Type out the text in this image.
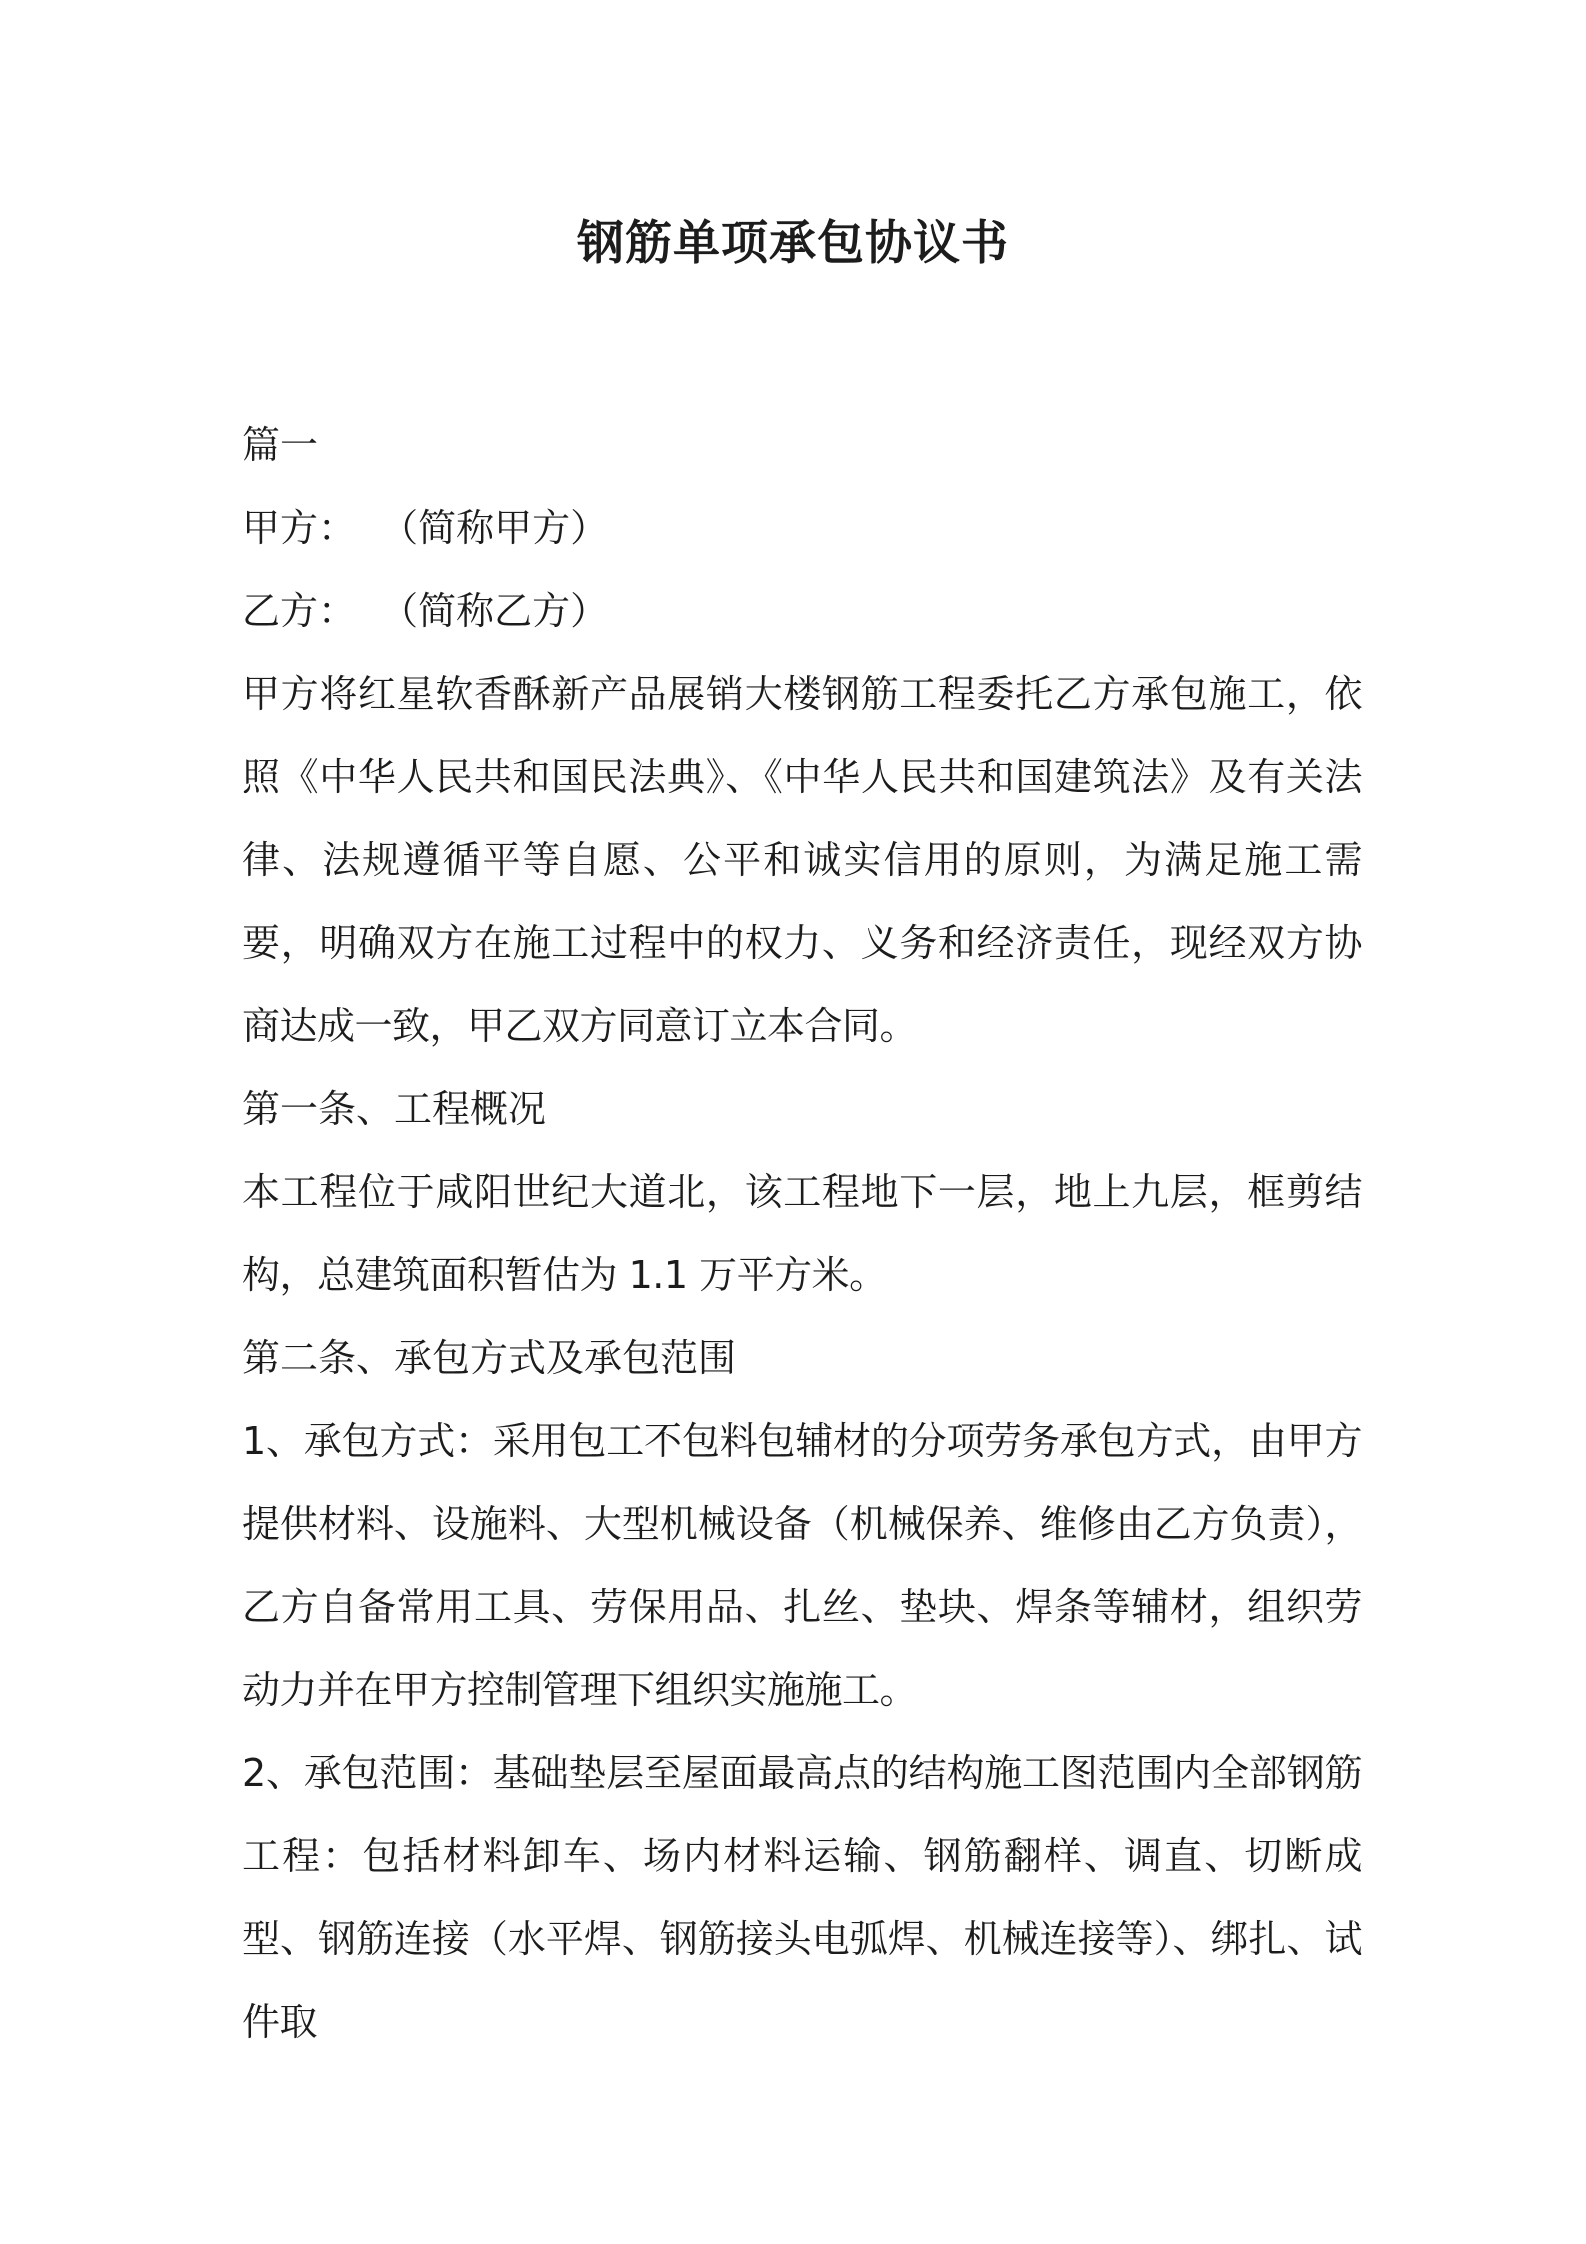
钢筋单项承包协议书

篇一

甲方：  （简称甲方）

乙方：  （简称乙方）

甲方将红星软香酥新产品展销大楼钢筋工程委托乙方承包施工，依照《中华人民共和国民法典》、《中华人民共和国建筑法》及有关法律、法规遵循平等自愿、公平和诚实信用的原则，为满足施工需要，明确双方在施工过程中的权力、义务和经济责任，现经双方协商达成一致，甲乙双方同意订立本合同。

第一条、工程概况

本工程位于咸阳世纪大道北，该工程地下一层，地上九层，框剪结构，总建筑面积暂估为 1.1 万平方米。

第二条、承包方式及承包范围

1、承包方式：采用包工不包料包辅材的分项劳务承包方式，由甲方提供材料、设施料、大型机械设备（机械保养、维修由乙方负责），乙方自备常用工具、劳保用品、扎丝、垫块、焊条等辅材，组织劳动力并在甲方控制管理下组织实施施工。

2、承包范围：基础垫层至屋面最高点的结构施工图范围内全部钢筋工程：包括材料卸车、场内材料运输、钢筋翻样、调直、切断成型、钢筋连接（水平焊、钢筋接头电弧焊、机械连接等）、绑扎、试件取
